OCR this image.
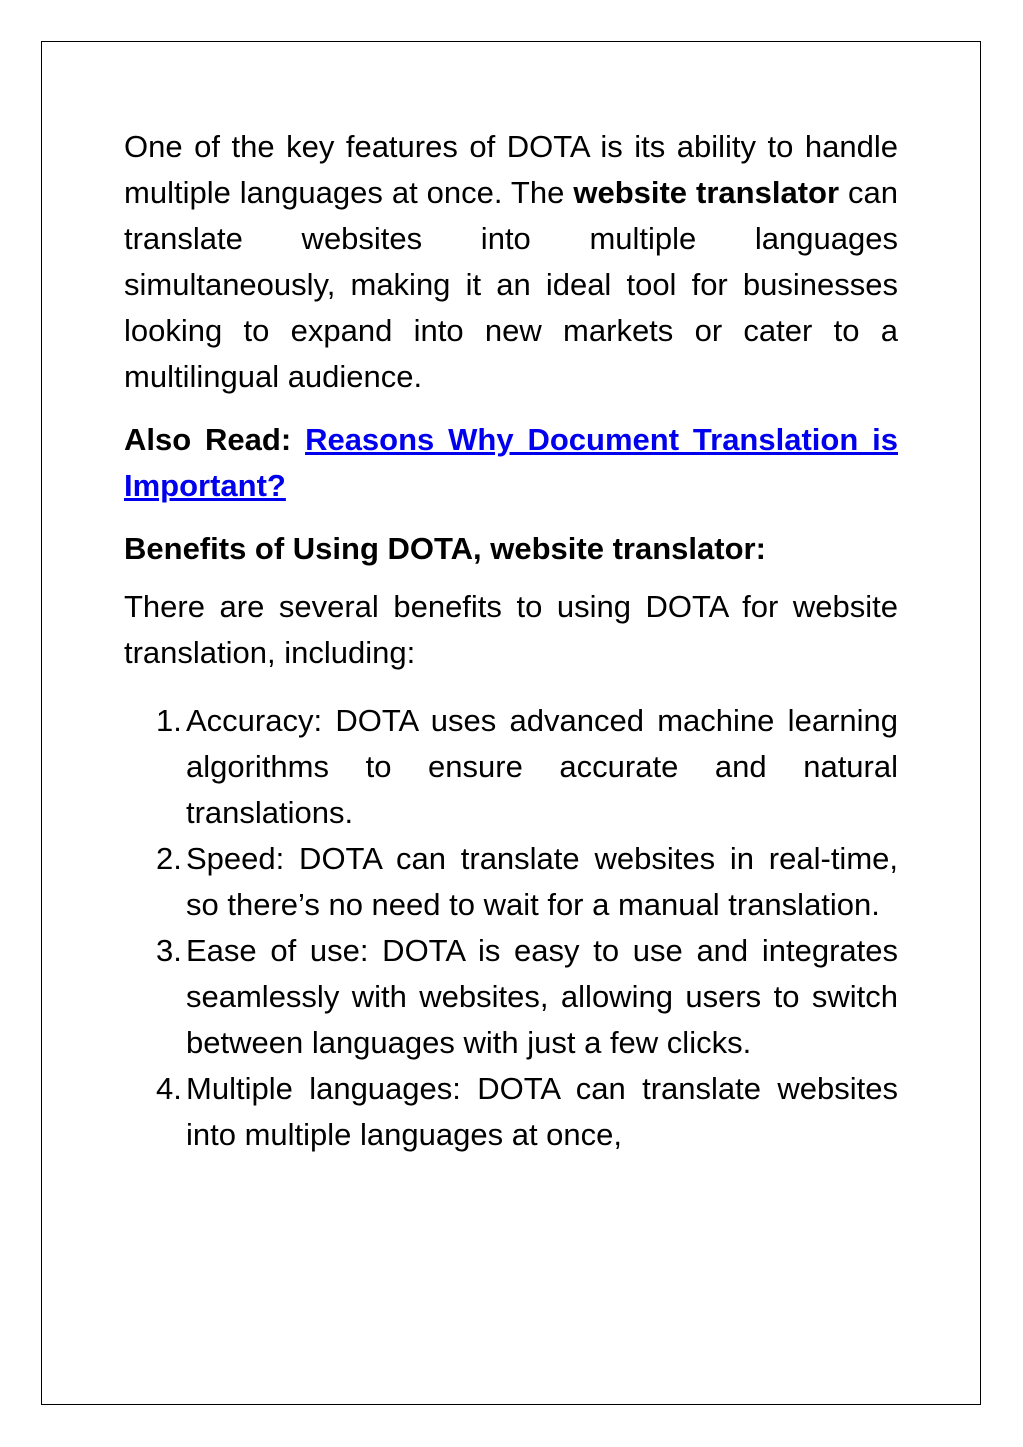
One of the key features of DOTA is its ability to handle multiple languages at once. The website translator can translate websites into multiple languages simultaneously, making it an ideal tool for businesses looking to expand into new markets or cater to a multilingual audience.

Also Read: Reasons Why Document Translation is Important?

Benefits of Using DOTA, website translator:

There are several benefits to using DOTA for website translation, including:

1. Accuracy: DOTA uses advanced machine learning algorithms to ensure accurate and natural translations.
2. Speed: DOTA can translate websites in real-time, so there’s no need to wait for a manual translation.
3. Ease of use: DOTA is easy to use and integrates seamlessly with websites, allowing users to switch between languages with just a few clicks.
4. Multiple languages: DOTA can translate websites into multiple languages at once,
